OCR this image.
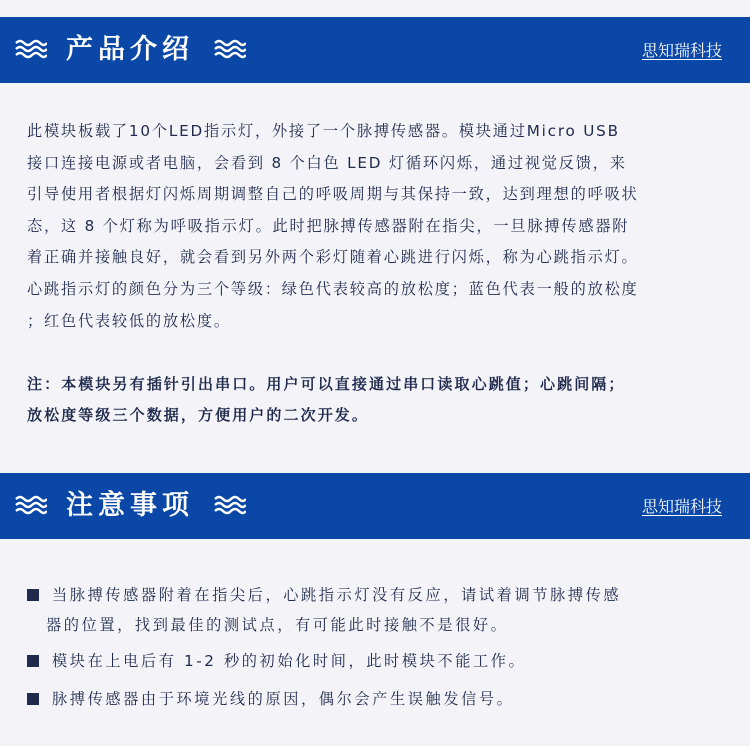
产品介绍	思知瑞科技
此模块板载了10个LED指示灯，外接了一个脉搏传感器。模块通过Micro USB
接口连接电源或者电脑，会看到 8 个白色 LED 灯循环闪烁，通过视觉反馈，来
引导使用者根据灯闪烁周期调整自己的呼吸周期与其保持一致，达到理想的呼吸状
态，这 8 个灯称为呼吸指示灯。此时把脉搏传感器附在指尖，一旦脉搏传感器附
着正确并接触良好，就会看到另外两个彩灯随着心跳进行闪烁，称为心跳指示灯。
心跳指示灯的颜色分为三个等级：绿色代表较高的放松度；蓝色代表一般的放松度
；红色代表较低的放松度。
注：本模块另有插针引出串口。用户可以直接通过串口读取心跳值；心跳间隔；
放松度等级三个数据，方便用户的二次开发。
注意事项	思知瑞科技
当脉搏传感器附着在指尖后，心跳指示灯没有反应，请试着调节脉搏传感
器的位置，找到最佳的测试点，有可能此时接触不是很好。
模块在上电后有 1-2 秒的初始化时间，此时模块不能工作。
脉搏传感器由于环境光线的原因，偶尔会产生误触发信号。
